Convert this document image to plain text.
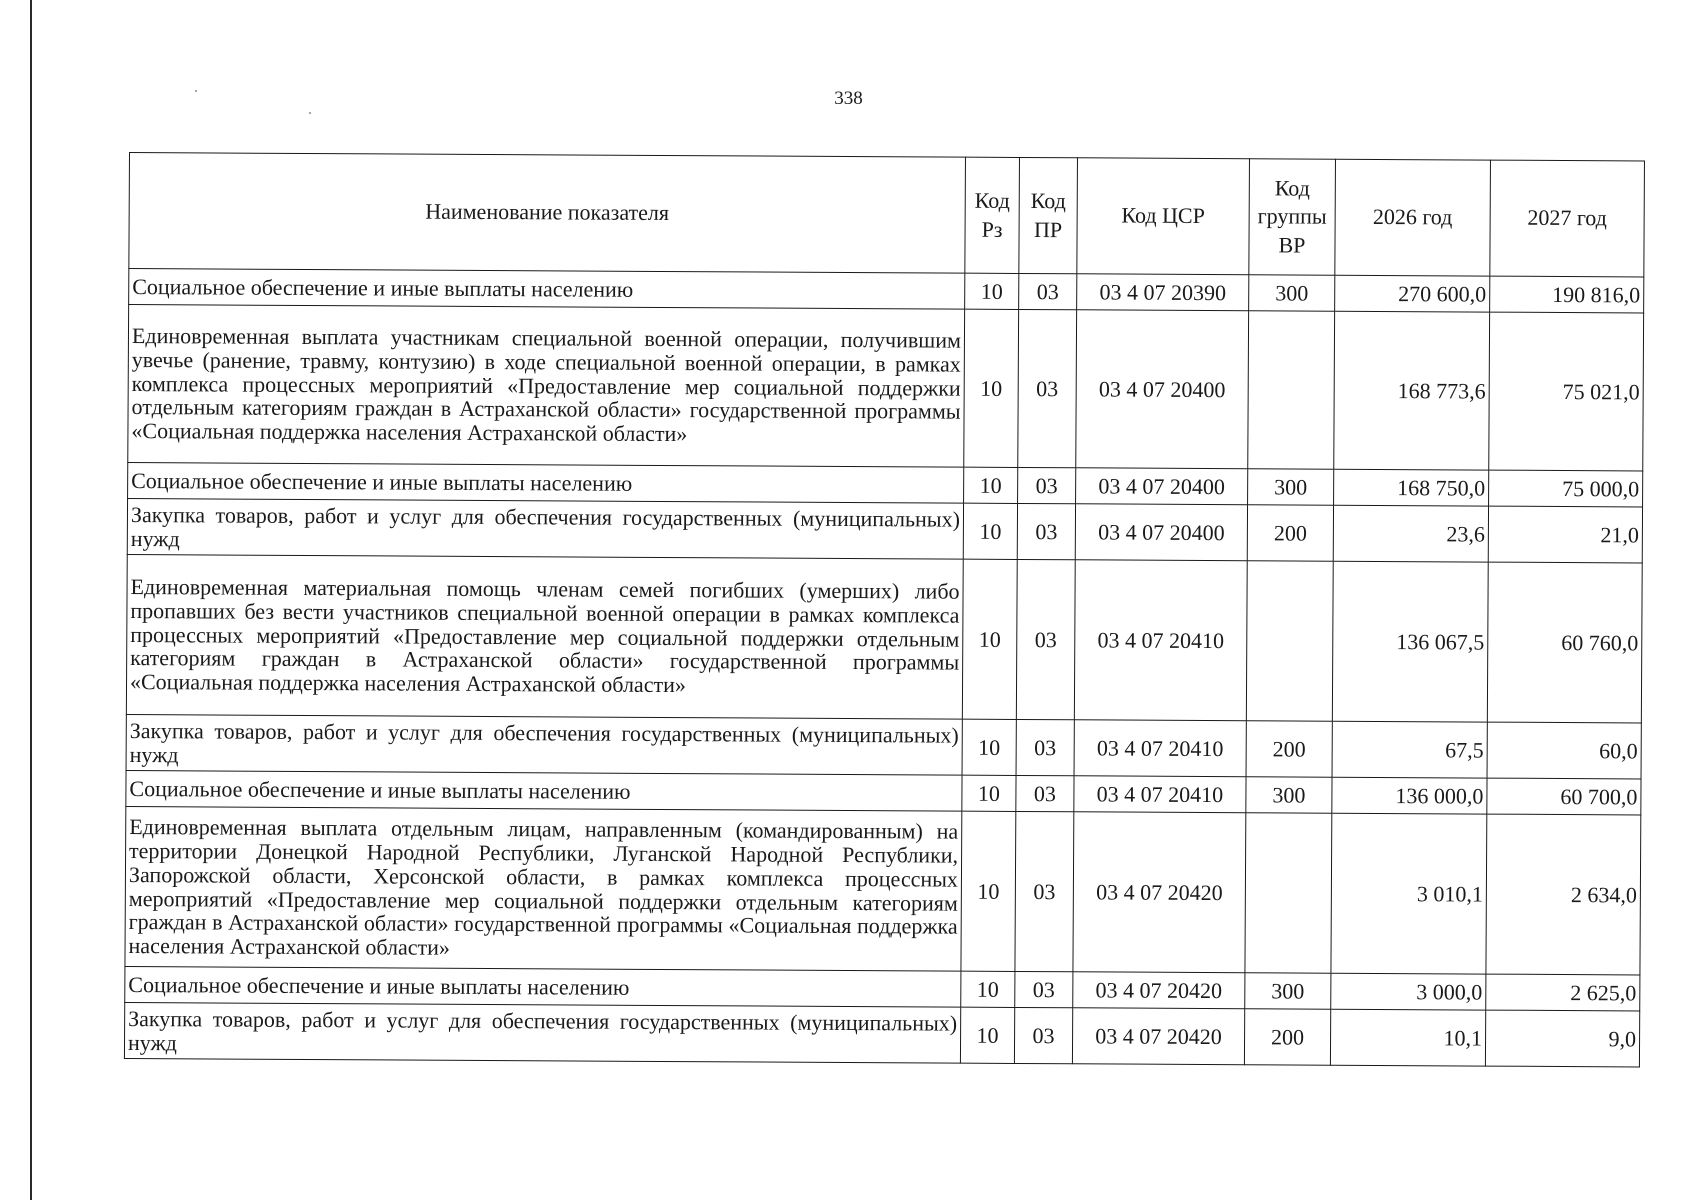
338
Наименование показателя	Код Рз	Код ПР	Код ЦСР	Код группы ВР	2026 год	2027 год
Социальное обеспечение и иные выплаты населению	10	03	03 4 07 20390	300	270 600,0	190 816,0
Единовременная выплата участникам специальной военной операции, получившим увечье (ранение, травму, контузию) в ходе специальной военной операции, в рамках комплекса процессных мероприятий «Предоставление мер социальной поддержки отдельным категориям граждан в Астраханской области» государственной программы «Социальная поддержка населения Астраханской области»	10	03	03 4 07 20400		168 773,6	75 021,0
Социальное обеспечение и иные выплаты населению	10	03	03 4 07 20400	300	168 750,0	75 000,0
Закупка товаров, работ и услуг для обеспечения государственных (муниципальных) нужд	10	03	03 4 07 20400	200	23,6	21,0
Единовременная материальная помощь членам семей погибших (умерших) либо пропавших без вести участников специальной военной операции в рамках комплекса процессных мероприятий «Предоставление мер социальной поддержки отдельным категориям граждан в Астраханской области» государственной программы «Социальная поддержка населения Астраханской области»	10	03	03 4 07 20410		136 067,5	60 760,0
Закупка товаров, работ и услуг для обеспечения государственных (муниципальных) нужд	10	03	03 4 07 20410	200	67,5	60,0
Социальное обеспечение и иные выплаты населению	10	03	03 4 07 20410	300	136 000,0	60 700,0
Единовременная выплата отдельным лицам, направленным (командированным) на территории Донецкой Народной Республики, Луганской Народной Республики, Запорожской области, Херсонской области, в рамках комплекса процессных мероприятий «Предоставление мер социальной поддержки отдельным категориям граждан в Астраханской области» государственной программы «Социальная поддержка населения Астраханской области»	10	03	03 4 07 20420		3 010,1	2 634,0
Социальное обеспечение и иные выплаты населению	10	03	03 4 07 20420	300	3 000,0	2 625,0
Закупка товаров, работ и услуг для обеспечения государственных (муниципальных) нужд	10	03	03 4 07 20420	200	10,1	9,0
